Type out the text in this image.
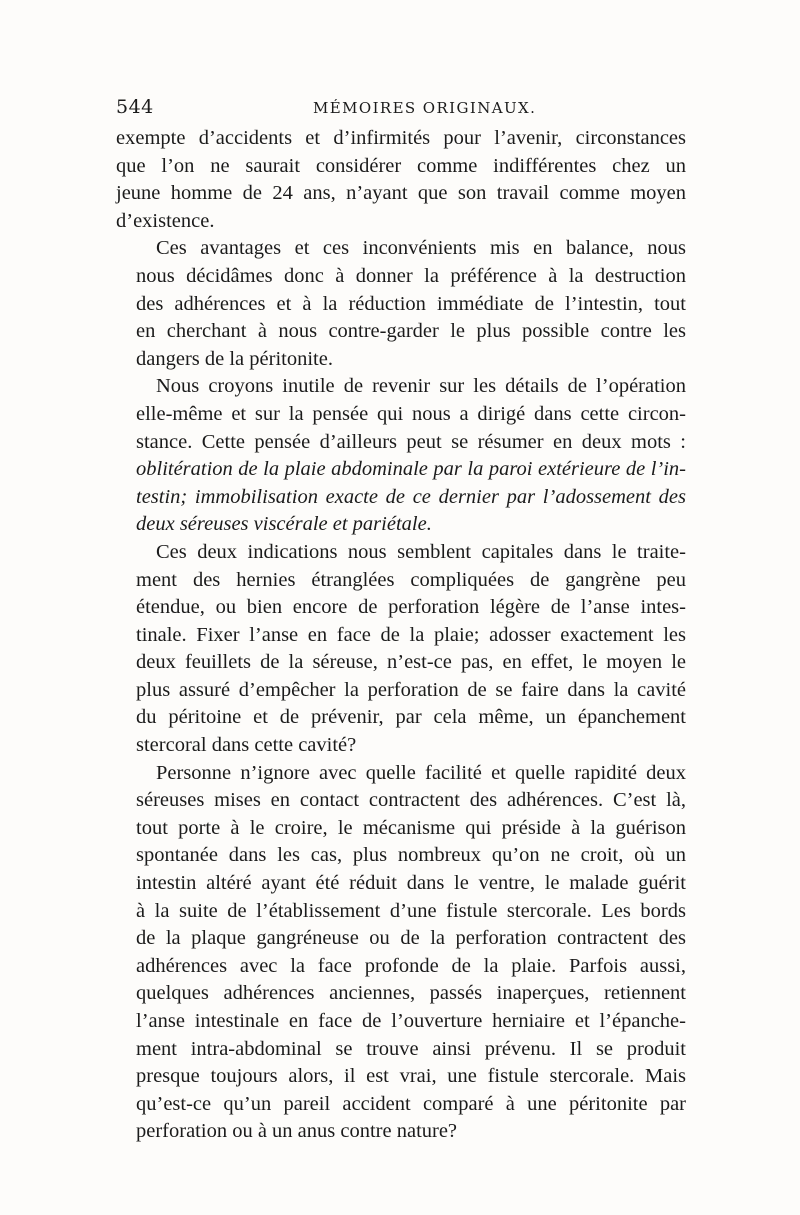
544	MÉMOIRES ORIGINAUX.

exempte d’accidents et d’infirmités pour l’avenir, circonstances
que l’on ne saurait considérer comme indifférentes chez un
jeune homme de 24 ans, n’ayant que son travail comme moyen
d’existence.

Ces avantages et ces inconvénients mis en balance, nous
nous décidâmes donc à donner la préférence à la destruction
des adhérences et à la réduction immédiate de l’intestin, tout
en cherchant à nous contre-garder le plus possible contre les
dangers de la péritonite.

Nous croyons inutile de revenir sur les détails de l’opération
elle-même et sur la pensée qui nous a dirigé dans cette circon-
stance. Cette pensée d’ailleurs peut se résumer en deux mots :
oblitération de la plaie abdominale par la paroi extérieure de l’in-
testin; immobilisation exacte de ce dernier par l’adossement des
deux séreuses viscérale et pariétale.

Ces deux indications nous semblent capitales dans le traite-
ment des hernies étranglées compliquées de gangrène peu
étendue, ou bien encore de perforation légère de l’anse intes-
tinale. Fixer l’anse en face de la plaie; adosser exactement les
deux feuillets de la séreuse, n’est-ce pas, en effet, le moyen le
plus assuré d’empêcher la perforation de se faire dans la cavité
du péritoine et de prévenir, par cela même, un épanchement
stercoral dans cette cavité?

Personne n’ignore avec quelle facilité et quelle rapidité deux
séreuses mises en contact contractent des adhérences. C’est là,
tout porte à le croire, le mécanisme qui préside à la guérison
spontanée dans les cas, plus nombreux qu’on ne croit, où un
intestin altéré ayant été réduit dans le ventre, le malade guérit
à la suite de l’établissement d’une fistule stercorale. Les bords
de la plaque gangréneuse ou de la perforation contractent des
adhérences avec la face profonde de la plaie. Parfois aussi,
quelques adhérences anciennes, passés inaperçues, retiennent
l’anse intestinale en face de l’ouverture herniaire et l’épanche-
ment intra-abdominal se trouve ainsi prévenu. Il se produit
presque toujours alors, il est vrai, une fistule stercorale. Mais
qu’est-ce qu’un pareil accident comparé à une péritonite par
perforation ou à un anus contre nature?
